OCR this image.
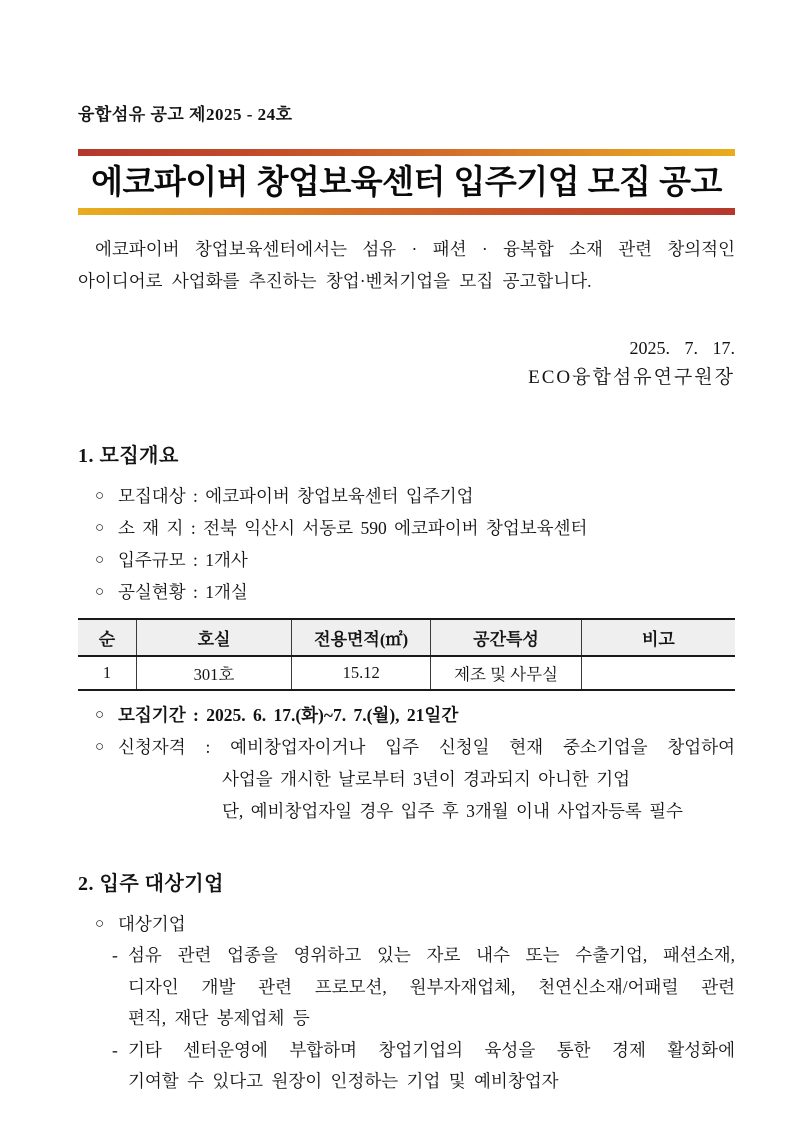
융합섬유 공고 제2025 - 24호
에코파이버 창업보육센터 입주기업 모집 공고
에코파이버 창업보육센터에서는 섬유 · 패션 · 융복합 소재 관련 창의적인
아이디어로 사업화를 추진하는 창업·벤처기업을 모집 공고합니다.
2025. 7. 17.
ECO융합섬유연구원장
1. 모집개요
○ 모집대상 : 에코파이버 창업보육센터 입주기업
○ 소 재 지 : 전북 익산시 서동로 590 에코파이버 창업보육센터
○ 입주규모 : 1개사
○ 공실현황 : 1개실
순	호실	전용면적(㎡)	공간특성	비고
1	301호	15.12	제조 및 사무실	
○ 모집기간 : 2025. 6. 17.(화)~7. 7.(월), 21일간
○ 신청자격 : 예비창업자이거나 입주 신청일 현재 중소기업을 창업하여
사업을 개시한 날로부터 3년이 경과되지 아니한 기업
단, 예비창업자일 경우 입주 후 3개월 이내 사업자등록 필수
2. 입주 대상기업
○ 대상기업
- 섬유 관련 업종을 영위하고 있는 자로 내수 또는 수출기업, 패션소재,
디자인 개발 관련 프로모션, 원부자재업체, 천연신소재/어패럴 관련
편직, 재단 봉제업체 등
- 기타 센터운영에 부합하며 창업기업의 육성을 통한 경제 활성화에
기여할 수 있다고 원장이 인정하는 기업 및 예비창업자
